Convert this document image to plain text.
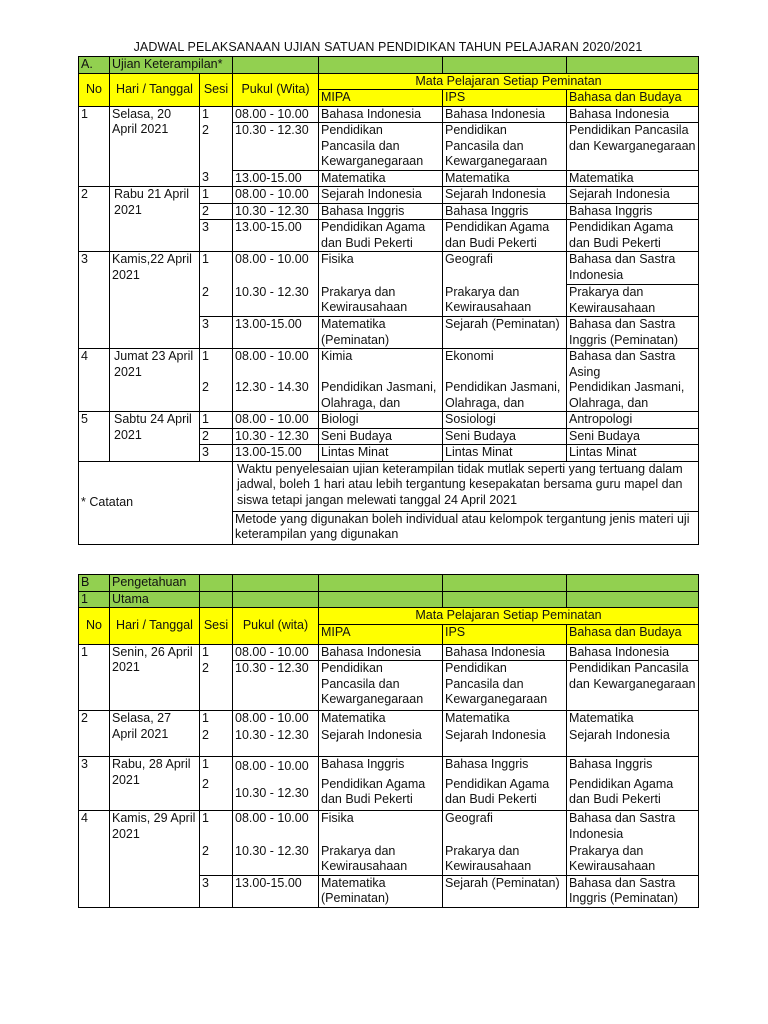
JADWAL PELAKSANAAN UJIAN SATUAN PENDIDIKAN TAHUN PELAJARAN 2020/2021
A.	Ujian Keterampilan*					
No	Hari / Tanggal	Sesi	Pukul (Wita)	Mata Pelajaran Setiap Peminatan		
				MIPA	IPS	Bahasa dan Budaya
1	Selasa, 20 April 2021	1	08.00 - 10.00	Bahasa Indonesia	Bahasa Indonesia	Bahasa Indonesia
		2	10.30 - 12.30	Pendidikan Pancasila dan Kewarganegaraan	Pendidikan Pancasila dan Kewarganegaraan	Pendidikan Pancasila dan Kewarganegaraan
		3	13.00-15.00	Matematika	Matematika	Matematika
2	Rabu 21 April 2021	1	08.00 - 10.00	Sejarah Indonesia	Sejarah Indonesia	Sejarah Indonesia
		2	10.30 - 12.30	Bahasa Inggris	Bahasa Inggris	Bahasa Inggris
		3	13.00-15.00	Pendidikan Agama dan Budi Pekerti	Pendidikan Agama dan Budi Pekerti	Pendidikan Agama dan Budi Pekerti
3	Kamis,22 April 2021	1	08.00 - 10.00	Fisika	Geografi	Bahasa dan Sastra Indonesia
		2	10.30 - 12.30	Prakarya dan Kewirausahaan	Prakarya dan Kewirausahaan	Prakarya dan Kewirausahaan
		3	13.00-15.00	Matematika (Peminatan)	Sejarah (Peminatan)	Bahasa dan Sastra Inggris (Peminatan)
4	Jumat 23 April 2021	1	08.00 - 10.00	Kimia	Ekonomi	Bahasa dan Sastra Asing
		2	12.30 - 14.30	Pendidikan Jasmani, Olahraga, dan	Pendidikan Jasmani, Olahraga, dan	Pendidikan Jasmani, Olahraga, dan
5	Sabtu 24 April 2021	1	08.00 - 10.00	Biologi	Sosiologi	Antropologi
		2	10.30 - 12.30	Seni Budaya	Seni Budaya	Seni Budaya
		3	13.00-15.00	Lintas Minat	Lintas Minat	Lintas Minat
* Catatan			Waktu penyelesaian ujian keterampilan tidak mutlak seperti yang tertuang dalam jadwal, boleh 1 hari atau lebih tergantung kesepakatan bersama guru mapel dan siswa tetapi jangan melewati tanggal 24 April 2021			
			Metode yang digunakan boleh individual atau kelompok tergantung jenis materi uji keterampilan yang digunakan			
B	Pengetahuan					
1	Utama					
No	Hari / Tanggal	Sesi	Pukul (wita)	Mata Pelajaran Setiap Peminatan		
				MIPA	IPS	Bahasa dan Budaya
1	Senin, 26 April 2021	1	08.00 - 10.00	Bahasa Indonesia	Bahasa Indonesia	Bahasa Indonesia
		2	10.30 - 12.30	Pendidikan Pancasila dan Kewarganegaraan	Pendidikan Pancasila dan Kewarganegaraan	Pendidikan Pancasila dan Kewarganegaraan
2	Selasa, 27 April 2021	1	08.00 - 10.00	Matematika	Matematika	Matematika
		2	10.30 - 12.30	Sejarah Indonesia	Sejarah Indonesia	Sejarah Indonesia
3	Rabu, 28 April 2021	1	08.00 - 10.00	Bahasa Inggris	Bahasa Inggris	Bahasa Inggris
		2	10.30 - 12.30	Pendidikan Agama dan Budi Pekerti	Pendidikan Agama dan Budi Pekerti	Pendidikan Agama dan Budi Pekerti
4	Kamis, 29 April 2021	1	08.00 - 10.00	Fisika	Geografi	Bahasa dan Sastra Indonesia
		2	10.30 - 12.30	Prakarya dan Kewirausahaan	Prakarya dan Kewirausahaan	Prakarya dan Kewirausahaan
		3	13.00-15.00	Matematika (Peminatan)	Sejarah (Peminatan)	Bahasa dan Sastra Inggris (Peminatan)
